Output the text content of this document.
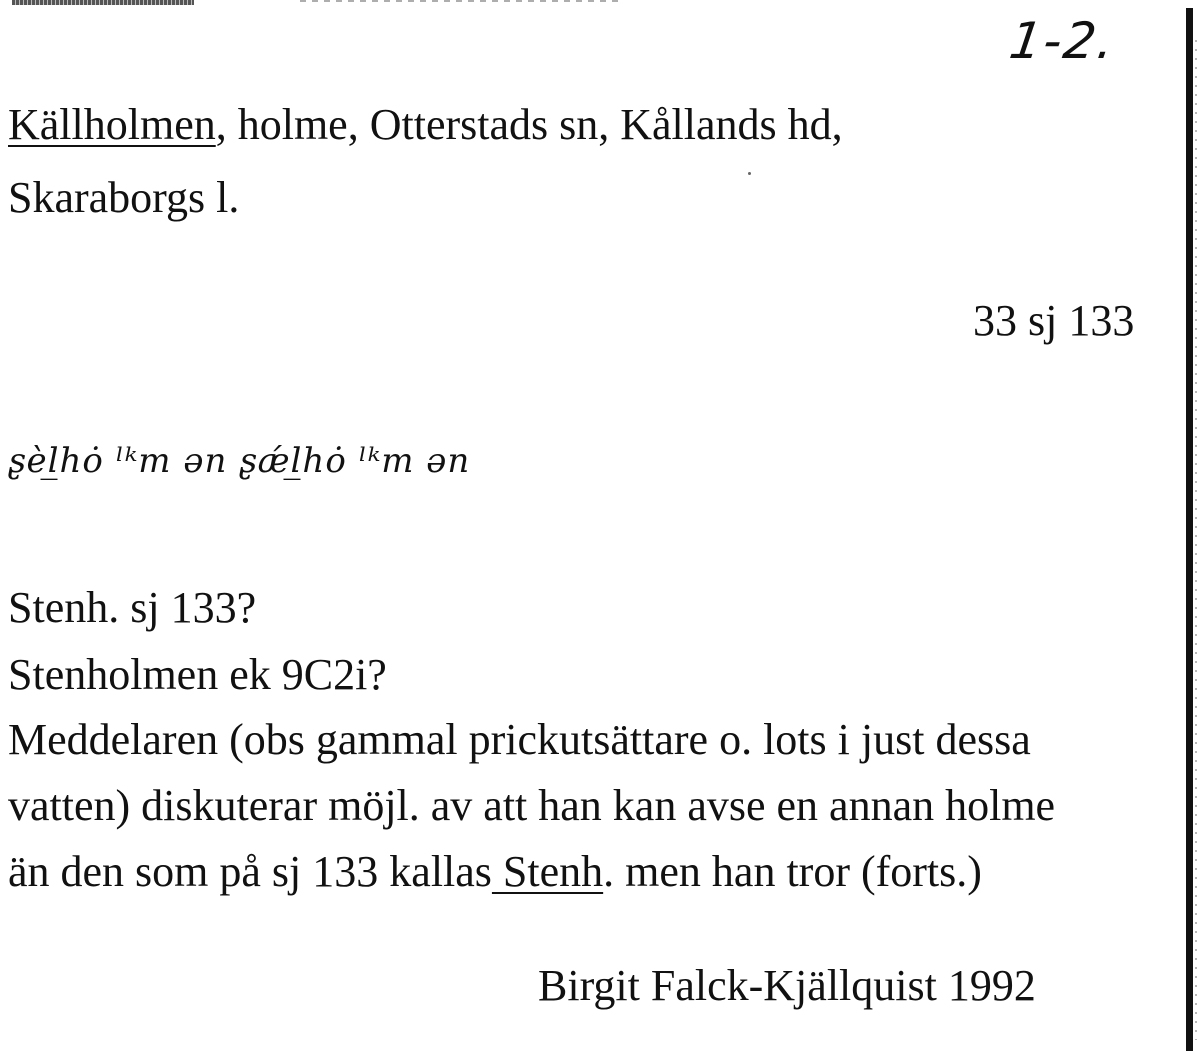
1-2.
Källholmen, holme, Otterstads sn, Kållands hd,
Skaraborgs l.
33 sj 133
ʂèl̲hȯ ˡᵏm ən ʂǽl̲hȯ ˡᵏm ən
Stenh. sj 133?
Stenholmen ek 9C2i?
Meddelaren (obs gammal prickutsättare o. lots i just dessa
vatten) diskuterar möjl. av att han kan avse en annan holme
än den som på sj 133 kallas Stenh. men han tror (forts.)
Birgit Falck-Kjällquist 1992
